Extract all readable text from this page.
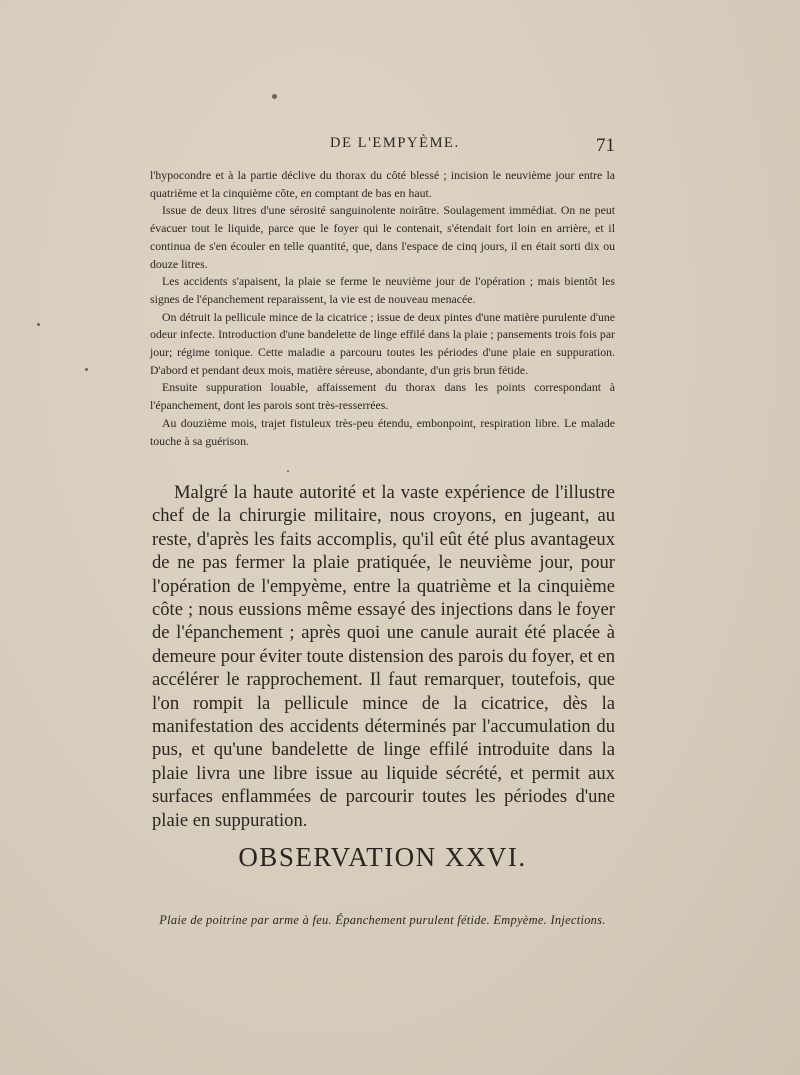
DE L'EMPYÈME.	71

l'hypocondre et à la partie déclive du thorax du côté blessé ; incision le neuvième jour entre la quatrième et la cinquième côte, en comptant de bas en haut.

Issue de deux litres d'une sérosité sanguinolente noirâtre. Soulagement immédiat. On ne peut évacuer tout le liquide, parce que le foyer qui le contenait, s'étendait fort loin en arrière, et il continua de s'en écouler en telle quantité, que, dans l'espace de cinq jours, il en était sorti dix ou douze litres.

Les accidents s'apaisent, la plaie se ferme le neuvième jour de l'opération ; mais bientôt les signes de l'épanchement reparaissent, la vie est de nouveau menacée.

On détruit la pellicule mince de la cicatrice ; issue de deux pintes d'une matière purulente d'une odeur infecte. Introduction d'une bandelette de linge effilé dans la plaie ; pansements trois fois par jour; régime tonique. Cette maladie a parcouru toutes les périodes d'une plaie en suppuration. D'abord et pendant deux mois, matière séreuse, abondante, d'un gris brun fétide.

Ensuite suppuration louable, affaissement du thorax dans les points correspondant à l'épanchement, dont les parois sont très-resserrées.

Au douzième mois, trajet fistuleux très-peu étendu, embonpoint, respiration libre. Le malade touche à sa guérison.

Malgré la haute autorité et la vaste expérience de l'illustre chef de la chirurgie militaire, nous croyons, en jugeant, au reste, d'après les faits accomplis, qu'il eût été plus avantageux de ne pas fermer la plaie pratiquée, le neuvième jour, pour l'opération de l'empyème, entre la quatrième et la cinquième côte ; nous eussions même essayé des injections dans le foyer de l'épanchement ; après quoi une canule aurait été placée à demeure pour éviter toute distension des parois du foyer, et en accélérer le rapprochement. Il faut remarquer, toutefois, que l'on rompit la pellicule mince de la cicatrice, dès la manifestation des accidents déterminés par l'accumulation du pus, et qu'une bandelette de linge effilé introduite dans la plaie livra une libre issue au liquide sécrété, et permit aux surfaces enflammées de parcourir toutes les périodes d'une plaie en suppuration.

OBSERVATION XXVI.

Plaie de poitrine par arme à feu. Épanchement purulent fétide. Empyème. Injections.
